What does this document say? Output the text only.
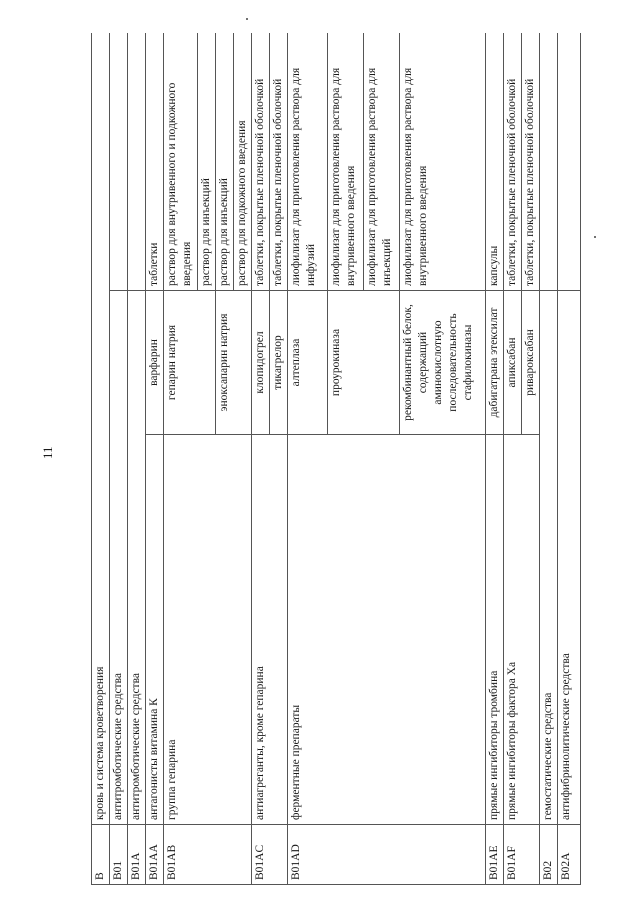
11
B	кровь и система кроветворения		
B01	антитромботические средства		
B01A	антитромботические средства		
B01AA	антагонисты витамина К	варфарин	таблетки
B01AB	группа гепарина	гепарин натрия	раствор для внутривенного и подкожного введения
			раствор для инъекций
		эноксапарин натрия	раствор для инъекций
			раствор для подкожного введения
B01AC	антиагреганты, кроме гепарина	клопидогрел	таблетки, покрытые пленочной оболочкой
		тикагрелор	таблетки, покрытые пленочной оболочкой
B01AD	ферментные препараты	алтеплаза	лиофилизат для приготовления раствора для инфузий
		проурокиназа	лиофилизат для приготовления раствора для внутривенного введения
			лиофилизат для приготовления раствора для инъекций
		рекомбинантный белок, содержащий аминокислотную последовательность стафилокиназы	лиофилизат для приготовления раствора для внутривенного введения
B01AE	прямые ингибиторы тромбина	дабигатрана этексилат	капсулы
B01AF	прямые ингибиторы фактора Xa	апиксабан	таблетки, покрытые пленочной оболочкой
		ривароксабан	таблетки, покрытые пленочной оболочкой
B02	гемостатические средства		
B02A	антифибринолитические средства		
